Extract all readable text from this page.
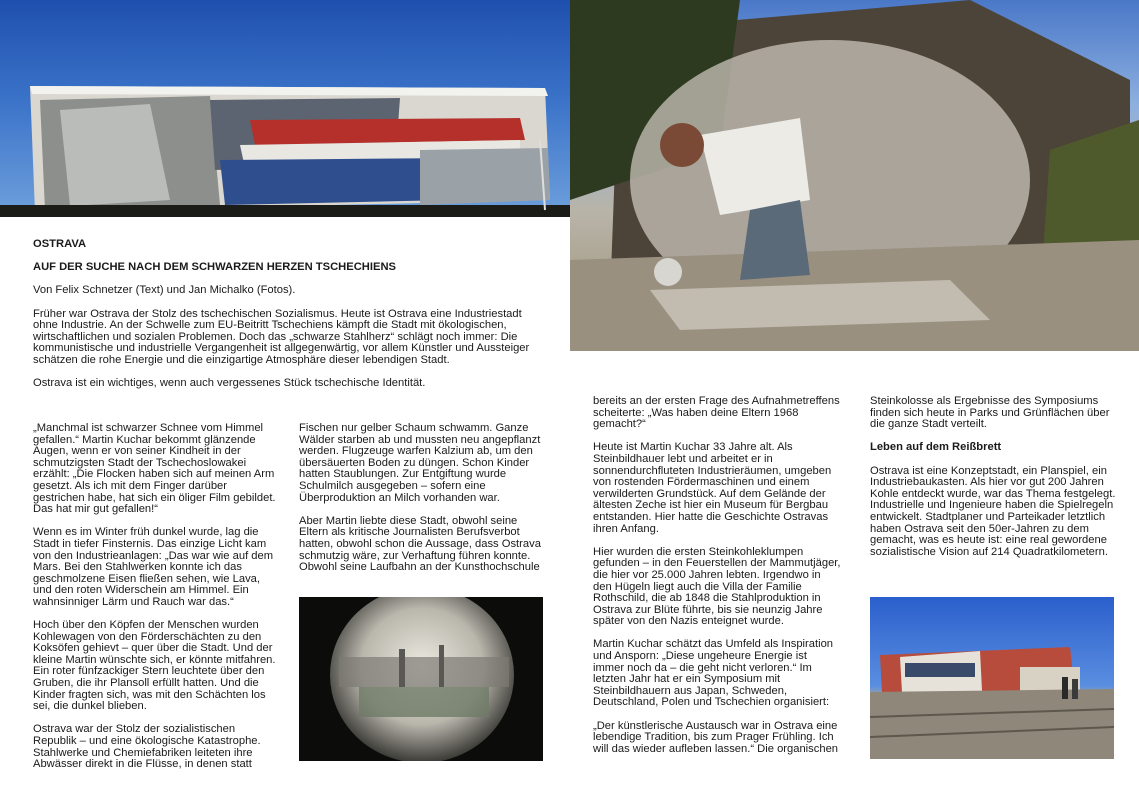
OSTRAVA

AUF DER SUCHE NACH DEM SCHWARZEN HERZEN TSCHECHIENS

Von Felix Schnetzer (Text) und Jan Michalko (Fotos).

Früher war Ostrava der Stolz des tschechischen Sozialismus. Heute ist Ostrava eine Industriestadt ohne Industrie. An der Schwelle zum EU-Beitritt Tschechiens kämpft die Stadt mit ökologischen, wirtschaftlichen und sozialen Problemen. Doch das „schwarze Stahlherz“ schlägt noch immer: Die kommunistische und industrielle Vergangenheit ist allgegenwärtig, vor allem Künstler und Aussteiger schätzen die rohe Energie und die einzigartige Atmosphäre dieser lebendigen Stadt.

Ostrava ist ein wichtiges, wenn auch vergessenes Stück tschechische Identität.

„Manchmal ist schwarzer Schnee vom Himmel gefallen.“ Martin Kuchar bekommt glänzende Augen, wenn er von seiner Kindheit in der schmutzigsten Stadt der Tschechoslowakei erzählt: „Die Flocken haben sich auf meinen Arm gesetzt. Als ich mit dem Finger darüber gestrichen habe, hat sich ein öliger Film gebildet. Das hat mir gut gefallen!“

Wenn es im Winter früh dunkel wurde, lag die Stadt in tiefer Finsternis. Das einzige Licht kam von den Industrieanlagen: „Das war wie auf dem Mars. Bei den Stahlwerken konnte ich das geschmolzene Eisen fließen sehen, wie Lava, und den roten Widerschein am Himmel. Ein wahnsinniger Lärm und Rauch war das.“

Hoch über den Köpfen der Menschen wurden Kohlewagen von den Förderschächten zu den Koksöfen gehievt – quer über die Stadt. Und der kleine Martin wünschte sich, er könnte mitfahren. Ein roter fünfzackiger Stern leuchtete über den Gruben, die ihr Plansoll erfüllt hatten. Und die Kinder fragten sich, was mit den Schächten los sei, die dunkel blieben.

Ostrava war der Stolz der sozialistischen Republik – und eine ökologische Katastrophe. Stahlwerke und Chemiefabriken leiteten ihre Abwässer direkt in die Flüsse, in denen statt

Fischen nur gelber Schaum schwamm. Ganze Wälder starben ab und mussten neu angepflanzt werden. Flugzeuge warfen Kalzium ab, um den übersäuerten Boden zu düngen. Schon Kinder hatten Staublungen. Zur Entgiftung wurde Schulmilch ausgegeben – sofern eine Überproduktion an Milch vorhanden war.

Aber Martin liebte diese Stadt, obwohl seine Eltern als kritische Journalisten Berufsverbot hatten, obwohl schon die Aussage, dass Ostrava schmutzig wäre, zur Verhaftung führen konnte. Obwohl seine Laufbahn an der Kunsthochschule

bereits an der ersten Frage des Aufnahmetreffens scheiterte: „Was haben deine Eltern 1968 gemacht?“

Heute ist Martin Kuchar 33 Jahre alt. Als Steinbildhauer lebt und arbeitet er in sonnendurchfluteten Industrieräumen, umgeben von rostenden Fördermaschinen und einem verwilderten Grundstück. Auf dem Gelände der ältesten Zeche ist hier ein Museum für Bergbau entstanden. Hier hatte die Geschichte Ostravas ihren Anfang.

Hier wurden die ersten Steinkohleklumpen gefunden – in den Feuerstellen der Mammutjäger, die hier vor 25.000 Jahren lebten. Irgendwo in den Hügeln liegt auch die Villa der Familie Rothschild, die ab 1848 die Stahlproduktion in Ostrava zur Blüte führte, bis sie neunzig Jahre später von den Nazis enteignet wurde.

Martin Kuchar schätzt das Umfeld als Inspiration und Ansporn: „Diese ungeheure Energie ist immer noch da – die geht nicht verloren.“ Im letzten Jahr hat er ein Symposium mit Steinbildhauern aus Japan, Schweden, Deutschland, Polen und Tschechien organisiert:

„Der künstlerische Austausch war in Ostrava eine lebendige Tradition, bis zum Prager Frühling. Ich will das wieder aufleben lassen.“ Die organischen

Steinkolosse als Ergebnisse des Symposiums finden sich heute in Parks und Grünflächen über die ganze Stadt verteilt.

Leben auf dem Reißbrett

Ostrava ist eine Konzeptstadt, ein Planspiel, ein Industriebaukasten. Als hier vor gut 200 Jahren Kohle entdeckt wurde, war das Thema festgelegt. Industrielle und Ingenieure haben die Spielregeln entwickelt. Stadtplaner und Parteikader letztlich haben Ostrava seit den 50er-Jahren zu dem gemacht, was es heute ist: eine real gewordene sozialistische Vision auf 214 Quadratkilometern.
